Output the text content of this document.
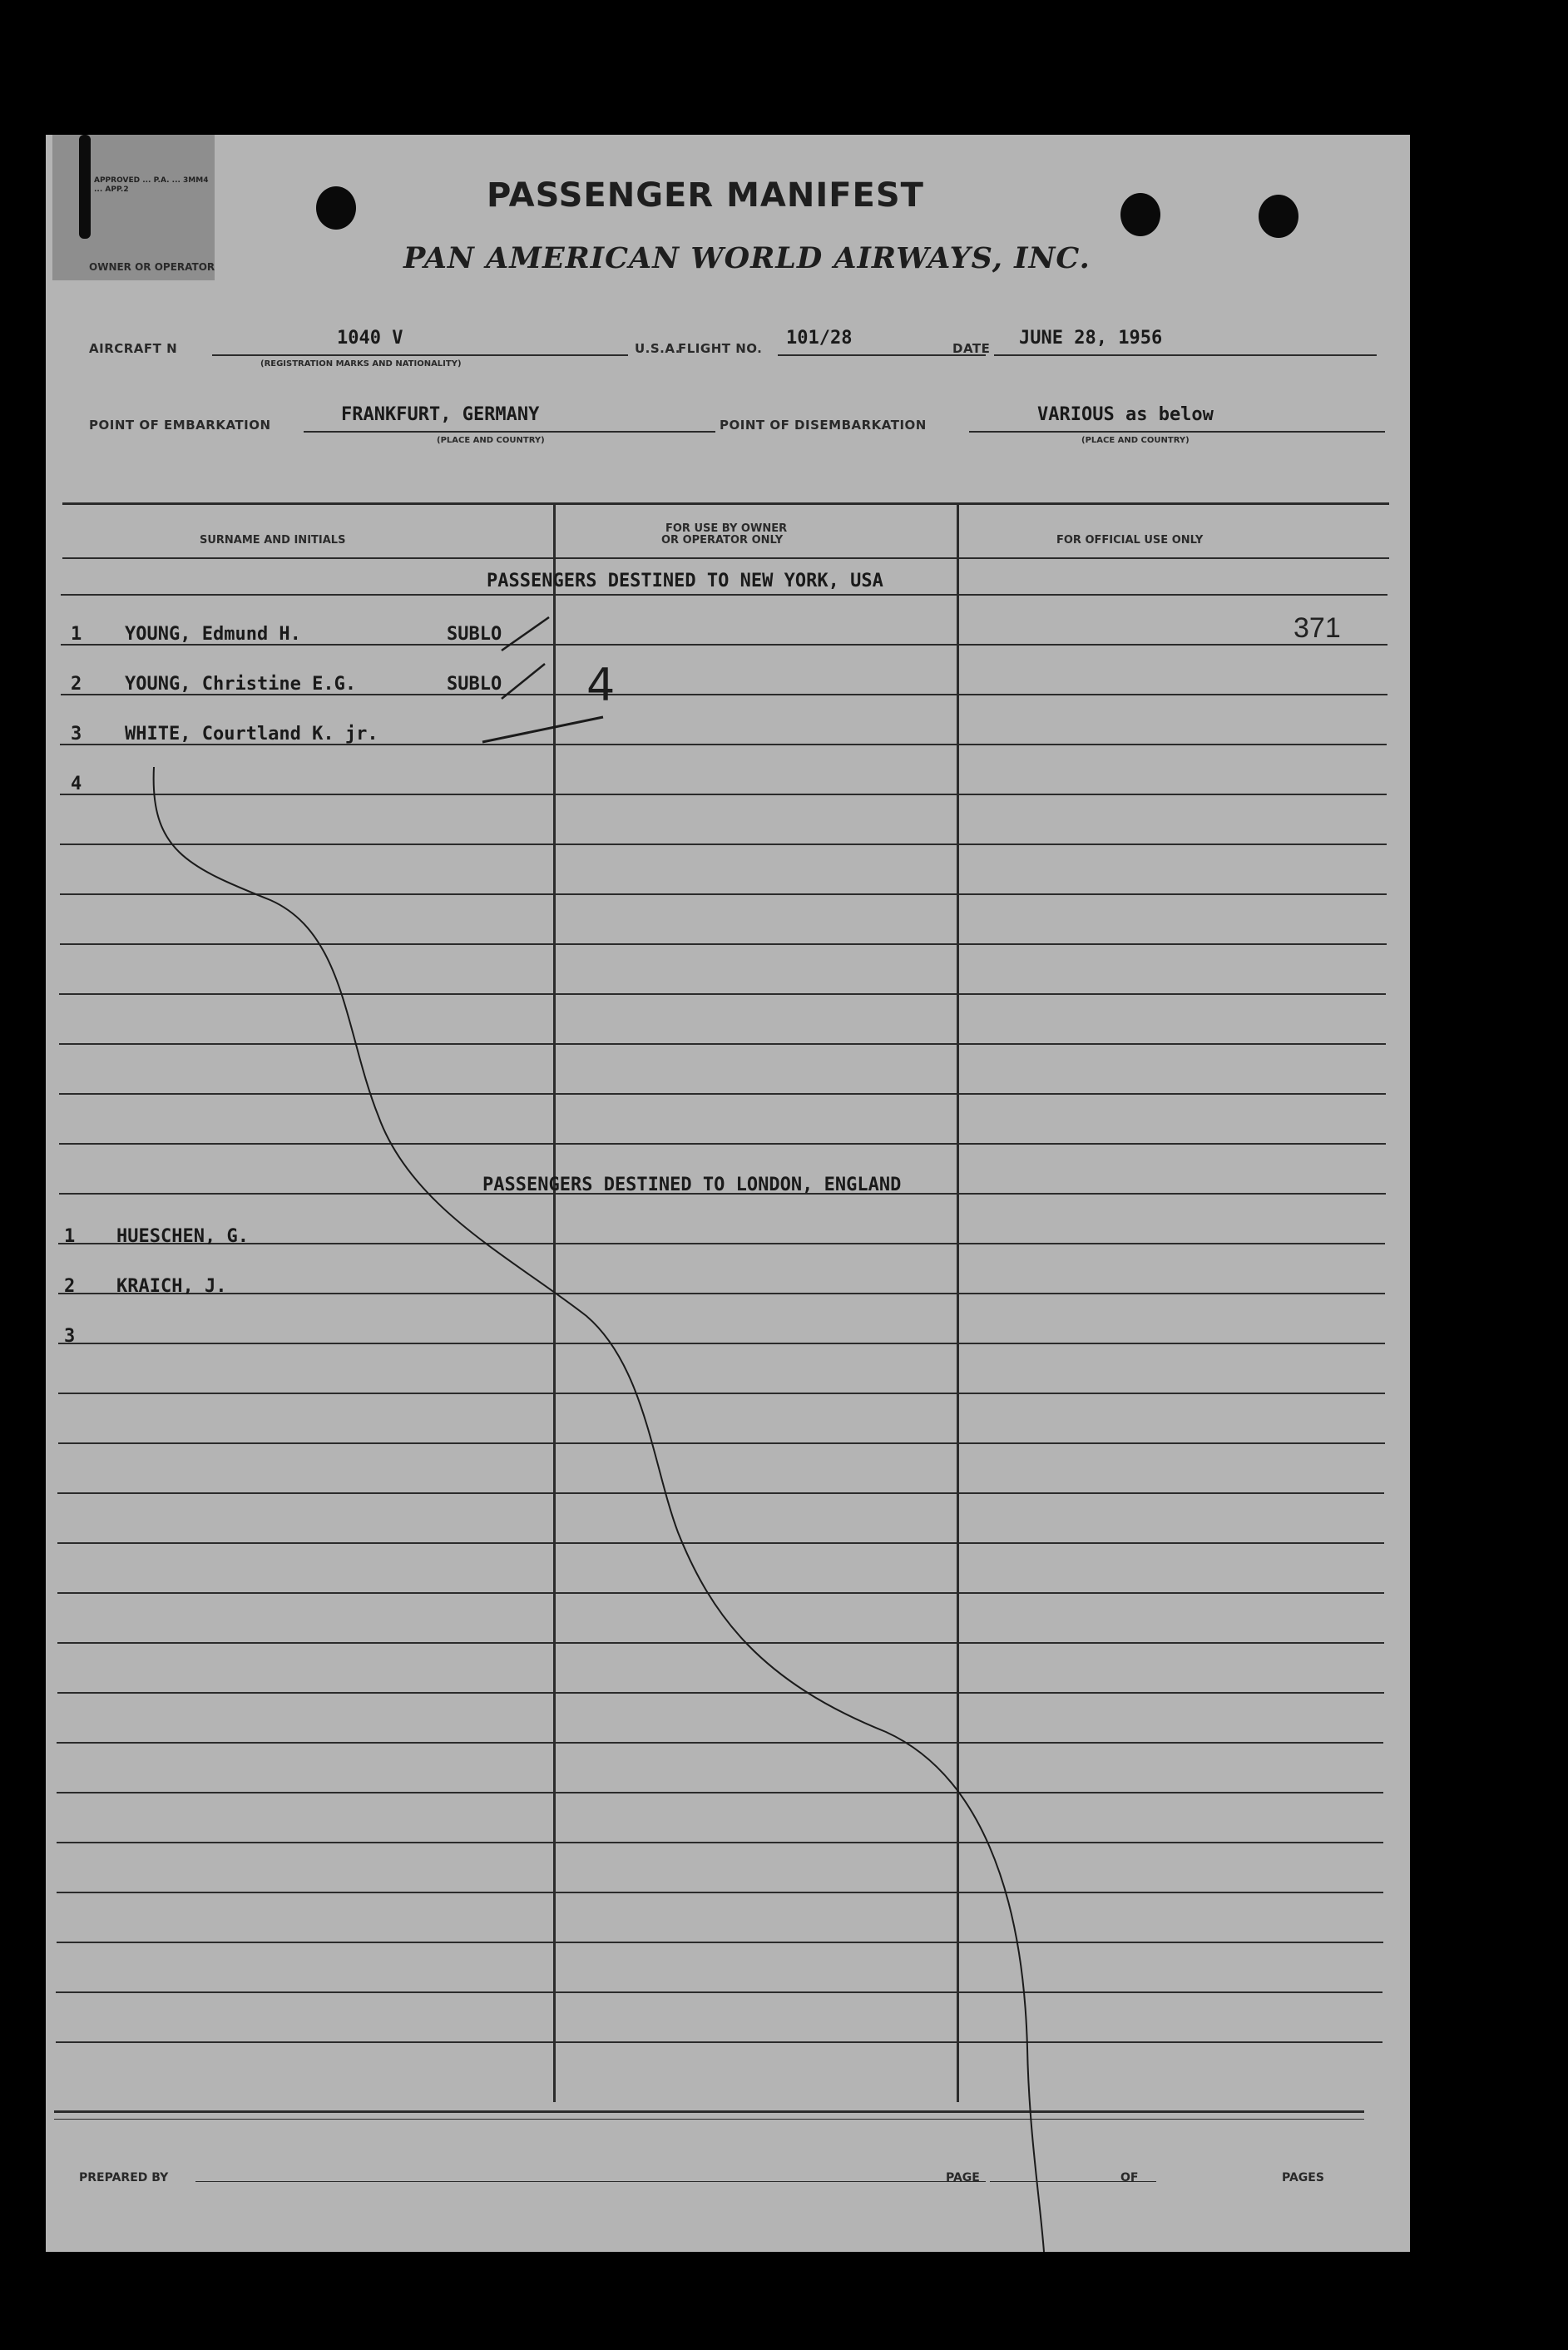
APPROVED ... P.A. ... 3MM4 ... APP.2
OWNER OR OPERATOR
PASSENGER MANIFEST
PAN AMERICAN WORLD AIRWAYS, INC.
AIRCRAFT N	1040 V
(REGISTRATION MARKS AND NATIONALITY)
U.S.A.
FLIGHT NO. 101/28	DATE JUNE 28, 1956
POINT OF EMBARKATION	FRANKFURT, GERMANY
(PLACE AND COUNTRY)
POINT OF DISEMBARKATION	VARIOUS as below
(PLACE AND COUNTRY)
SURNAME AND INITIALS
FOR USE BY OWNER
OR OPERATOR ONLY	FOR OFFICIAL USE ONLY
PASSENGERS DESTINED TO NEW YORK, USA
1 YOUNG, Edmund H.	SUBLO
2 YOUNG, Christine E.G.	SUBLO
3 WHITE, Courtland K. jr.
4
PASSENGERS DESTINED TO LONDON, ENGLAND
1 HUESCHEN, G.
2 KRAICH, J.
3
371
4
PREPARED BY	PAGE	OF	PAGES
